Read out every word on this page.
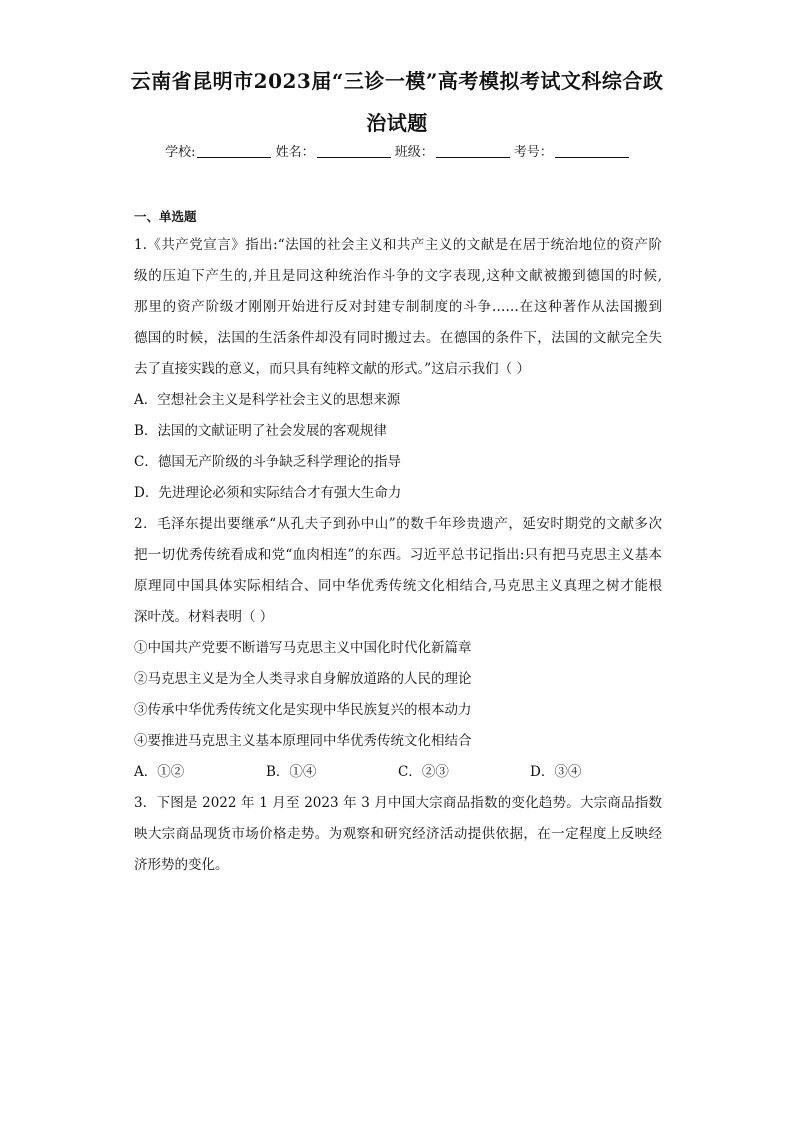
云南省昆明市2023届“三诊一模”高考模拟考试文科综合政
治试题
学校:	姓名：	班级：	考号：
一、单选题
1.《共产党宣言》指出:“法国的社会主义和共产主义的文献是在居于统治地位的资产阶
级的压迫下产生的,并且是同这种统治作斗争的文字表现,这种文献被搬到德国的时候,
那里的资产阶级才刚刚开始进行反对封建专制制度的斗争……在这种著作从法国搬到
德国的时候，法国的生活条件却没有同时搬过去。在德国的条件下，法国的文献完全失
去了直接实践的意义，而只具有纯粹文献的形式。”这启示我们（ ）
A．空想社会主义是科学社会主义的思想来源
B．法国的文献证明了社会发展的客观规律
C．德国无产阶级的斗争缺乏科学理论的指导
D．先进理论必须和实际结合才有强大生命力
2．毛泽东提出要继承“从孔夫子到孙中山”的数千年珍贵遗产，延安时期党的文献多次
把一切优秀传统看成和党“血肉相连”的东西。习近平总书记指出:只有把马克思主义基本
原理同中国具体实际相结合、同中华优秀传统文化相结合,马克思主义真理之树才能根
深叶茂。材料表明（ ）
①中国共产党要不断谱写马克思主义中国化时代化新篇章
②马克思主义是为全人类寻求自身解放道路的人民的理论
③传承中华优秀传统文化是实现中华民族复兴的根本动力
④要推进马克思主义基本原理同中华优秀传统文化相结合
A．①②	B．①④	C．②③	D．③④
3．下图是 2022 年 1 月至 2023 年 3 月中国大宗商品指数的变化趋势。大宗商品指数
映大宗商品现货市场价格走势。为观察和研究经济活动提供依据，在一定程度上反映经
济形势的变化。
